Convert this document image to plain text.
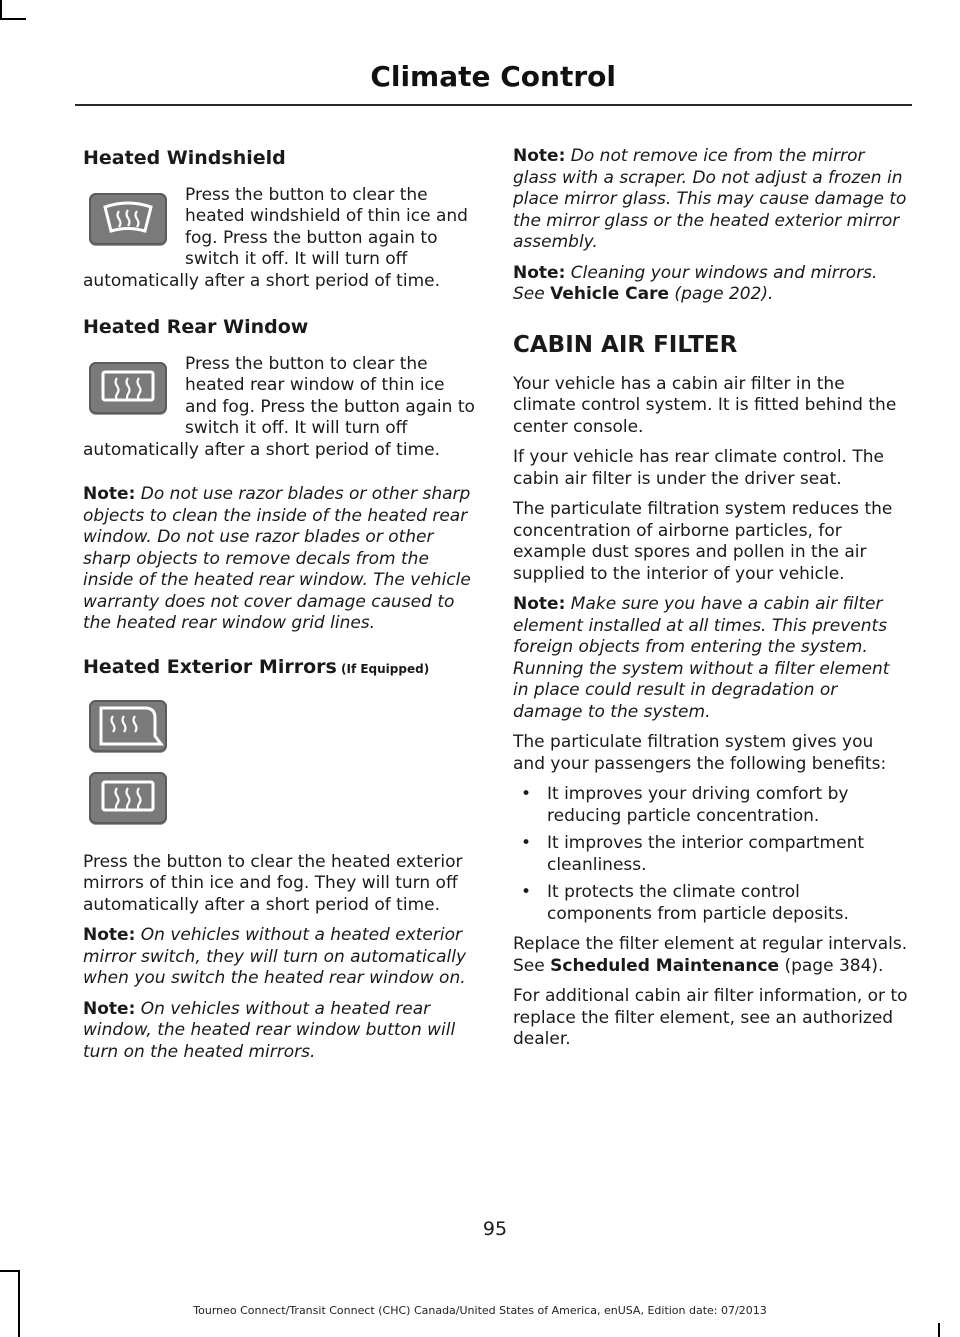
Climate Control
Heated Windshield

Press the button to clear the heated windshield of thin ice and fog. Press the button again to switch it off. It will turn off automatically after a short period of time.

Heated Rear Window

Press the button to clear the heated rear window of thin ice and fog. Press the button again to switch it off. It will turn off automatically after a short period of time.

Note: Do not use razor blades or other sharp objects to clean the inside of the heated rear window. Do not use razor blades or other sharp objects to remove decals from the inside of the heated rear window. The vehicle warranty does not cover damage caused to the heated rear window grid lines.

Heated Exterior Mirrors (If Equipped)

Press the button to clear the heated exterior mirrors of thin ice and fog. They will turn off automatically after a short period of time.

Note: On vehicles without a heated exterior mirror switch, they will turn on automatically when you switch the heated rear window on.

Note: On vehicles without a heated rear window, the heated rear window button will turn on the heated mirrors.

Note: Do not remove ice from the mirror glass with a scraper. Do not adjust a frozen in place mirror glass. This may cause damage to the mirror glass or the heated exterior mirror assembly.

Note: Cleaning your windows and mirrors. See Vehicle Care (page 202).

CABIN AIR FILTER

Your vehicle has a cabin air filter in the climate control system. It is fitted behind the center console.

If your vehicle has rear climate control. The cabin air filter is under the driver seat.

The particulate filtration system reduces the concentration of airborne particles, for example dust spores and pollen in the air supplied to the interior of your vehicle.

Note: Make sure you have a cabin air filter element installed at all times. This prevents foreign objects from entering the system. Running the system without a filter element in place could result in degradation or damage to the system.

The particulate filtration system gives you and your passengers the following benefits:

• It improves your driving comfort by reducing particle concentration.
• It improves the interior compartment cleanliness.
• It protects the climate control components from particle deposits.

Replace the filter element at regular intervals. See Scheduled Maintenance (page 384).

For additional cabin air filter information, or to replace the filter element, see an authorized dealer.

95
Tourneo Connect/Transit Connect (CHC) Canada/United States of America, enUSA, Edition date: 07/2013
